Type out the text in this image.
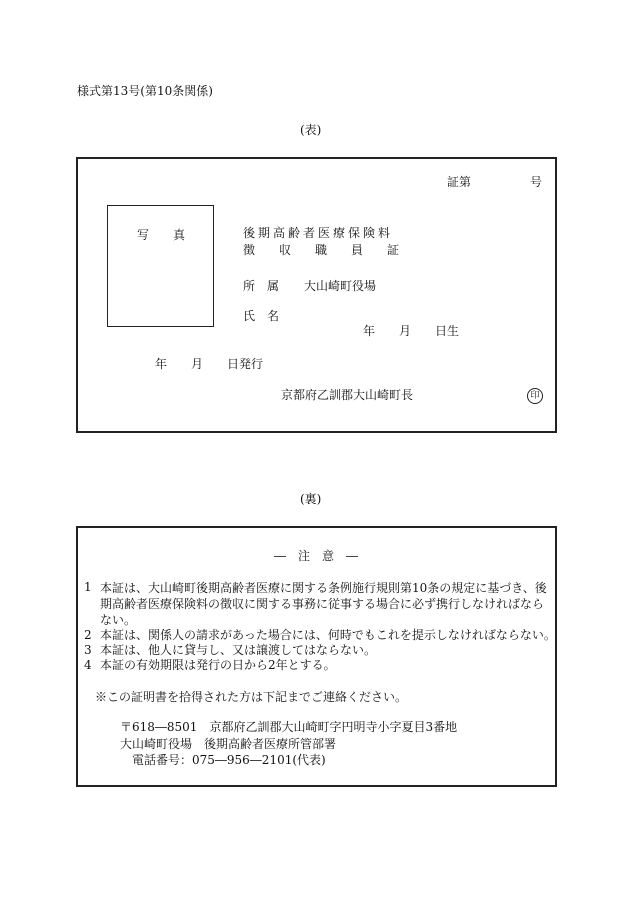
様式第13号(第10条関係)
(表)
証第	号
写　　真	後期高齢者医療保険料
徴　　収　　職　　員　　証
所　属 大山崎町役場
氏　名
年　　月　　日生
年　　月　　日発行
京都府乙訓郡大山崎町長	印
(裏)
―　注　意　―
1 本証は、大山崎町後期高齢者医療に関する条例施行規則第10条の規定に基づき、後期高齢者医療保険料の徴収に関する事務に従事する場合に必ず携行しなければならない。
2 本証は、関係人の請求があった場合には、何時でもこれを提示しなければならない。
3 本証は、他人に貸与し、又は譲渡してはならない。
4 本証の有効期限は発行の日から2年とする。
※この証明書を拾得された方は下記までご連絡ください。
〒618―8501　京都府乙訓郡大山崎町字円明寺小字夏目3番地
大山崎町役場　後期高齢者医療所管部署
電話番号：075―956―2101(代表)
